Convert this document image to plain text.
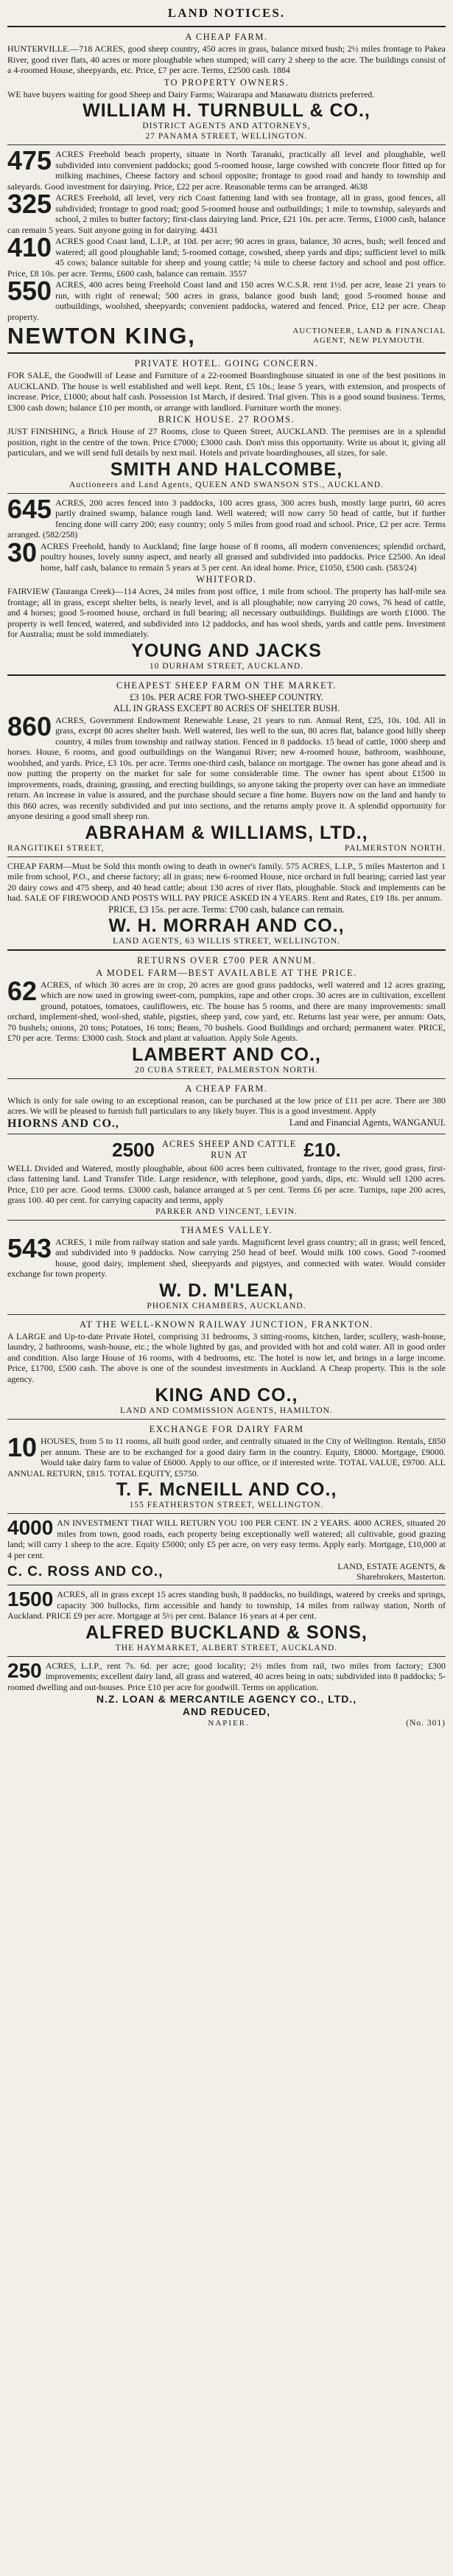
LAND NOTICES.
A CHEAP FARM.

HUNTERVILLE.—718 ACRES, good sheep country, 450 acres in grass, balance mixed bush; 2½ miles frontage to Pakea River, good river flats, 40 acres or more ploughable when stumped; will carry 2 sheep to the acre. The buildings consist of a 4-roomed House, sheepyards, etc. Price, £7 per acre. Terms, £2500 cash. 1884

TO PROPERTY OWNERS.

WE have buyers waiting for good Sheep and Dairy Farms; Wairarapa and Manawatu districts preferred.

WILLIAM H. TURNBULL & CO.,
DISTRICT AGENTS AND ATTORNEYS,
27 PANAMA STREET, WELLINGTON.

475 ACRES Freehold beach property, situate in North Taranaki, practically all level and ploughable, well subdivided into convenient paddocks; good 5-roomed house, large cowshed with concrete floor fitted up for milking machines, Cheese factory and school opposite; frontage to good road and handy to township and saleyards. Good investment for dairying. Price, £22 per acre. Reasonable terms can be arranged. 4638

325 ACRES Freehold, all level, very rich Coast fattening land with sea frontage, all in grass, good fences, all subdivided; frontage to good road; good 5-roomed house and outbuildings; 1 mile to township, saleyards and school, 2 miles to butter factory; first-class dairying land. Price, £21 10s. per acre. Terms, £1000 cash, balance can remain 5 years. Suit anyone going in for dairying. 4431

410 ACRES good Coast land, L.I.P., at 10d. per acre; 90 acres in grass, balance, 30 acres, bush; well fenced and watered; all good ploughable land; 5-roomed cottage, cowshed, sheep yards and dips; sufficient level to milk 45 cows; balance suitable for sheep and young cattle; ¼ mile to cheese factory and school and post office. Price, £8 10s. per acre. Terms, £600 cash, balance can remain. 3557

550 ACRES, 400 acres being Freehold Coast land and 150 acres W.C.S.R. rent 1½d. per acre, lease 21 years to run, with right of renewal; 500 acres in grass, balance good bush land; good 5-roomed house and outbuildings, woolshed, sheepyards; convenient paddocks, watered and fenced. Price, £12 per acre. Cheap property.

NEWTON KING,	AUCTIONEER, LAND & FINANCIAL
AGENT, NEW PLYMOUTH.
PRIVATE HOTEL. GOING CONCERN.

FOR SALE, the Goodwill of Lease and Furniture of a 22-roomed Boardinghouse situated in one of the best positions in AUCKLAND. The house is well established and well kept. Rent, £5 10s.; lease 5 years, with extension, and prospects of increase. Price, £1000; about half cash. Possession 1st March, if desired. Trial given. This is a good sound business. Terms, £300 cash down; balance £10 per month, or arrange with landlord. Furniture worth the money.

BRICK HOUSE. 27 ROOMS.

JUST FINISHING, a Brick House of 27 Rooms, close to Queen Street, AUCKLAND. The premises are in a splendid position, right in the centre of the town. Price £7000; £3000 cash. Don't miss this opportunity. Write us about it, giving all particulars, and we will send full details by next mail. Hotels and private boardinghouses, all sizes, for sale.

SMITH AND HALCOMBE,
Auctioneers and Land Agents, QUEEN AND SWANSON STS., AUCKLAND.

645 ACRES, 200 acres fenced into 3 paddocks, 100 acres grass, 300 acres bush, mostly large puriri, 60 acres partly drained swamp, balance rough land. Well watered; will now carry 50 head of cattle, but if further fencing done will carry 200; easy country; only 5 miles from good road and school. Price, £2 per acre. Terms arranged. (582/258)

30 ACRES Freehold, handy to Auckland; fine large house of 8 rooms, all modern conveniences; splendid orchard, poultry houses, lovely sunny aspect, and nearly all grassed and subdivided into paddocks. Price £2500. An ideal home, half cash, balance to remain 5 years at 5 per cent. An ideal home. Price, £1050, £500 cash. (583/24)

WHITFORD.

FAIRVIEW (Tauranga Creek)—114 Acres, 24 miles from post office, 1 mile from school. The property has half-mile sea frontage; all in grass, except shelter belts, is nearly level, and is all ploughable; now carrying 20 cows, 76 head of cattle, and 4 horses; good 5-roomed house, orchard in full bearing; all necessary outbuildings. Buildings are worth £1000. The property is well fenced, watered, and subdivided into 12 paddocks, and has wool sheds, yards and cattle pens. Investment for Australia; must be sold immediately.

YOUNG AND JACKS
10 DURHAM STREET, AUCKLAND.
CHEAPEST SHEEP FARM ON THE MARKET.
£3 10s. PER ACRE FOR TWO-SHEEP COUNTRY.
ALL IN GRASS EXCEPT 80 ACRES OF SHELTER BUSH.

860 ACRES, Government Endowment Renewable Lease, 21 years to run. Annual Rent, £25, 10s. 10d. All in grass, except 80 acres shelter bush. Well watered, lies well to the sun, 80 acres flat, balance good hilly sheep country, 4 miles from township and railway station. Fenced in 8 paddocks. 15 head of cattle, 1000 sheep and horses. House, 6 rooms, and good outbuildings on the Wanganui River; new 4-roomed house, bathroom, washhouse, woolshed, and yards. Price, £3 10s. per acre. Terms one-third cash, balance on mortgage. The owner has gone ahead and is now putting the property on the market for sale for some considerable time. The owner has spent about £1500 in improvements, roads, draining, grassing, and erecting buildings, so anyone taking the property over can have an immediate return. An increase in value is assured, and the purchase should secure a fine home. Buyers now on the land and handy to this 860 acres, was recently subdivided and put into sections, and the returns amply prove it. A splendid opportunity for anyone desiring a good small sheep run.

ABRAHAM & WILLIAMS, LTD.,
RANGITIKEI STREET,	PALMERSTON NORTH.

CHEAP FARM—Must be Sold this month owing to death in owner's family. 575 ACRES, L.I.P., 5 miles Masterton and 1 mile from school, P.O., and cheese factory; all in grass; new 6-roomed House, nice orchard in full bearing; carried last year 20 dairy cows and 475 sheep, and 40 head cattle; about 130 acres of river flats, ploughable. Stock and implements can be had. SALE OF FIREWOOD AND POSTS WILL PAY PRICE ASKED IN 4 YEARS. Rent and Rates, £19 18s. per annum.

PRICE, £3 15s. per acre. Terms: £700 cash, balance can remain.
W. H. MORRAH AND CO.,
LAND AGENTS, 63 WILLIS STREET, WELLINGTON.
RETURNS OVER £700 PER ANNUM.
A MODEL FARM—BEST AVAILABLE AT THE PRICE.

62 ACRES, of which 30 acres are in crop, 20 acres are good grass paddocks, well watered and 12 acres grazing, which are now used in growing sweet-corn, pumpkins, rape and other crops. 30 acres are in cultivation, excellent ground, potatoes, tomatoes, cauliflowers, etc. The house has 5 rooms, and there are many improvements: small orchard, implement-shed, wool-shed, stable, pigsties, sheep yard, cow yard, etc. Returns last year were, per annum: Oats, 70 bushels; onions, 20 tons; Potatoes, 16 tons; Beans, 70 bushels. Good Buildings and orchard; permanent water. PRICE, £70 per acre. Terms: £3000 cash. Stock and plant at valuation. Apply Sole Agents.

LAMBERT AND CO.,
20 CUBA STREET, PALMERSTON NORTH.
A CHEAP FARM.

Which is only for sale owing to an exceptional reason, can be purchased at the low price of £11 per acre. There are 380 acres. We will be pleased to furnish full particulars to any likely buyer. This is a good investment. Apply

HIORNS AND CO.,	Land and Financial Agents, WANGANUI.
2500 ACRES SHEEP AND CATTLE
RUN AT	£10.

WELL Divided and Watered, mostly ploughable, about 600 acres been cultivated, frontage to the river, good grass, first-class fattening land. Land Transfer Title. Large residence, with telephone, good yards, dips, etc. Would sell 1200 acres. Price, £10 per acre. Good terms. £3000 cash, balance arranged at 5 per cent. Terms £6 per acre. Turnips, rape 200 acres, grass 100. 40 per cent. for carrying capacity and terms, apply

PARKER AND VINCENT, LEVIN.
THAMES VALLEY.

543 ACRES, 1 mile from railway station and sale yards. Magnificent level grass country; all in grass; well fenced, and subdivided into 9 paddocks. Now carrying 250 head of beef. Would milk 100 cows. Good 7-roomed house, good dairy, implement shed, sheepyards and pigstyes, and connected with water. Would consider exchange for town property.

W. D. M'LEAN,
PHOENIX CHAMBERS, AUCKLAND.
AT THE WELL-KNOWN RAILWAY JUNCTION, FRANKTON.

A LARGE and Up-to-date Private Hotel, comprising 31 bedrooms, 3 sitting-rooms, kitchen, larder, scullery, wash-house, laundry, 2 bathrooms, wash-house, etc.; the whole lighted by gas, and provided with hot and cold water. All in good order and condition. Also large House of 16 rooms, with 4 bedrooms, etc. The hotel is now let, and brings in a large income. Price, £1700, £500 cash. The above is one of the soundest investments in Auckland. A Cheap property. This is the sole agency.

KING AND CO.,
LAND AND COMMISSION AGENTS, HAMILTON.
EXCHANGE FOR DAIRY FARM

10 HOUSES, from 5 to 11 rooms, all built good order, and centrally situated in the City of Wellington. Rentals, £850 per annum. These are to be exchanged for a good dairy farm in the country. Equity, £8000. Mortgage, £9000. Would take dairy farm to value of £6000. Apply to our office, or if interested write. TOTAL VALUE, £9700. ALL ANNUAL RETURN, £815. TOTAL EQUITY, £5750.

T. F. McNEILL AND CO.,
155 FEATHERSTON STREET, WELLINGTON.

4000 AN INVESTMENT THAT WILL RETURN YOU 100 PER CENT. IN 2 YEARS. 4000 ACRES, situated 20 miles from town, good roads, each property being exceptionally well watered; all cultivable, good grazing land; will carry 1 sheep to the acre. Equity £5000; only £5 per acre, on very easy terms. Apply early. Mortgage, £10,000 at 4 per cent.

C. C. ROSS AND CO.,	LAND, ESTATE AGENTS, &
Sharebrokers, Masterton.

1500 ACRES, all in grass except 15 acres standing bush, 8 paddocks, no buildings, watered by creeks and springs, capacity 300 bullocks, firm accessible and handy to township, 14 miles from railway station, North of Auckland. PRICE £9 per acre. Mortgage at 5½ per cent. Balance 16 years at 4 per cent.

ALFRED BUCKLAND & SONS,
THE HAYMARKET, ALBERT STREET, AUCKLAND.

250 ACRES, L.I.P., rent 7s. 6d. per acre; good locality; 2½ miles from rail, two miles from factory; £300 improvements; excellent dairy land, all grass and watered, 40 acres being in oats; subdivided into 8 paddocks; 5-roomed dwelling and out-houses. Price £10 per acre for goodwill. Terms on application.

N.Z. LOAN & MERCANTILE AGENCY CO., LTD.,
AND REDUCED,
NAPIER.	(No. 301)
